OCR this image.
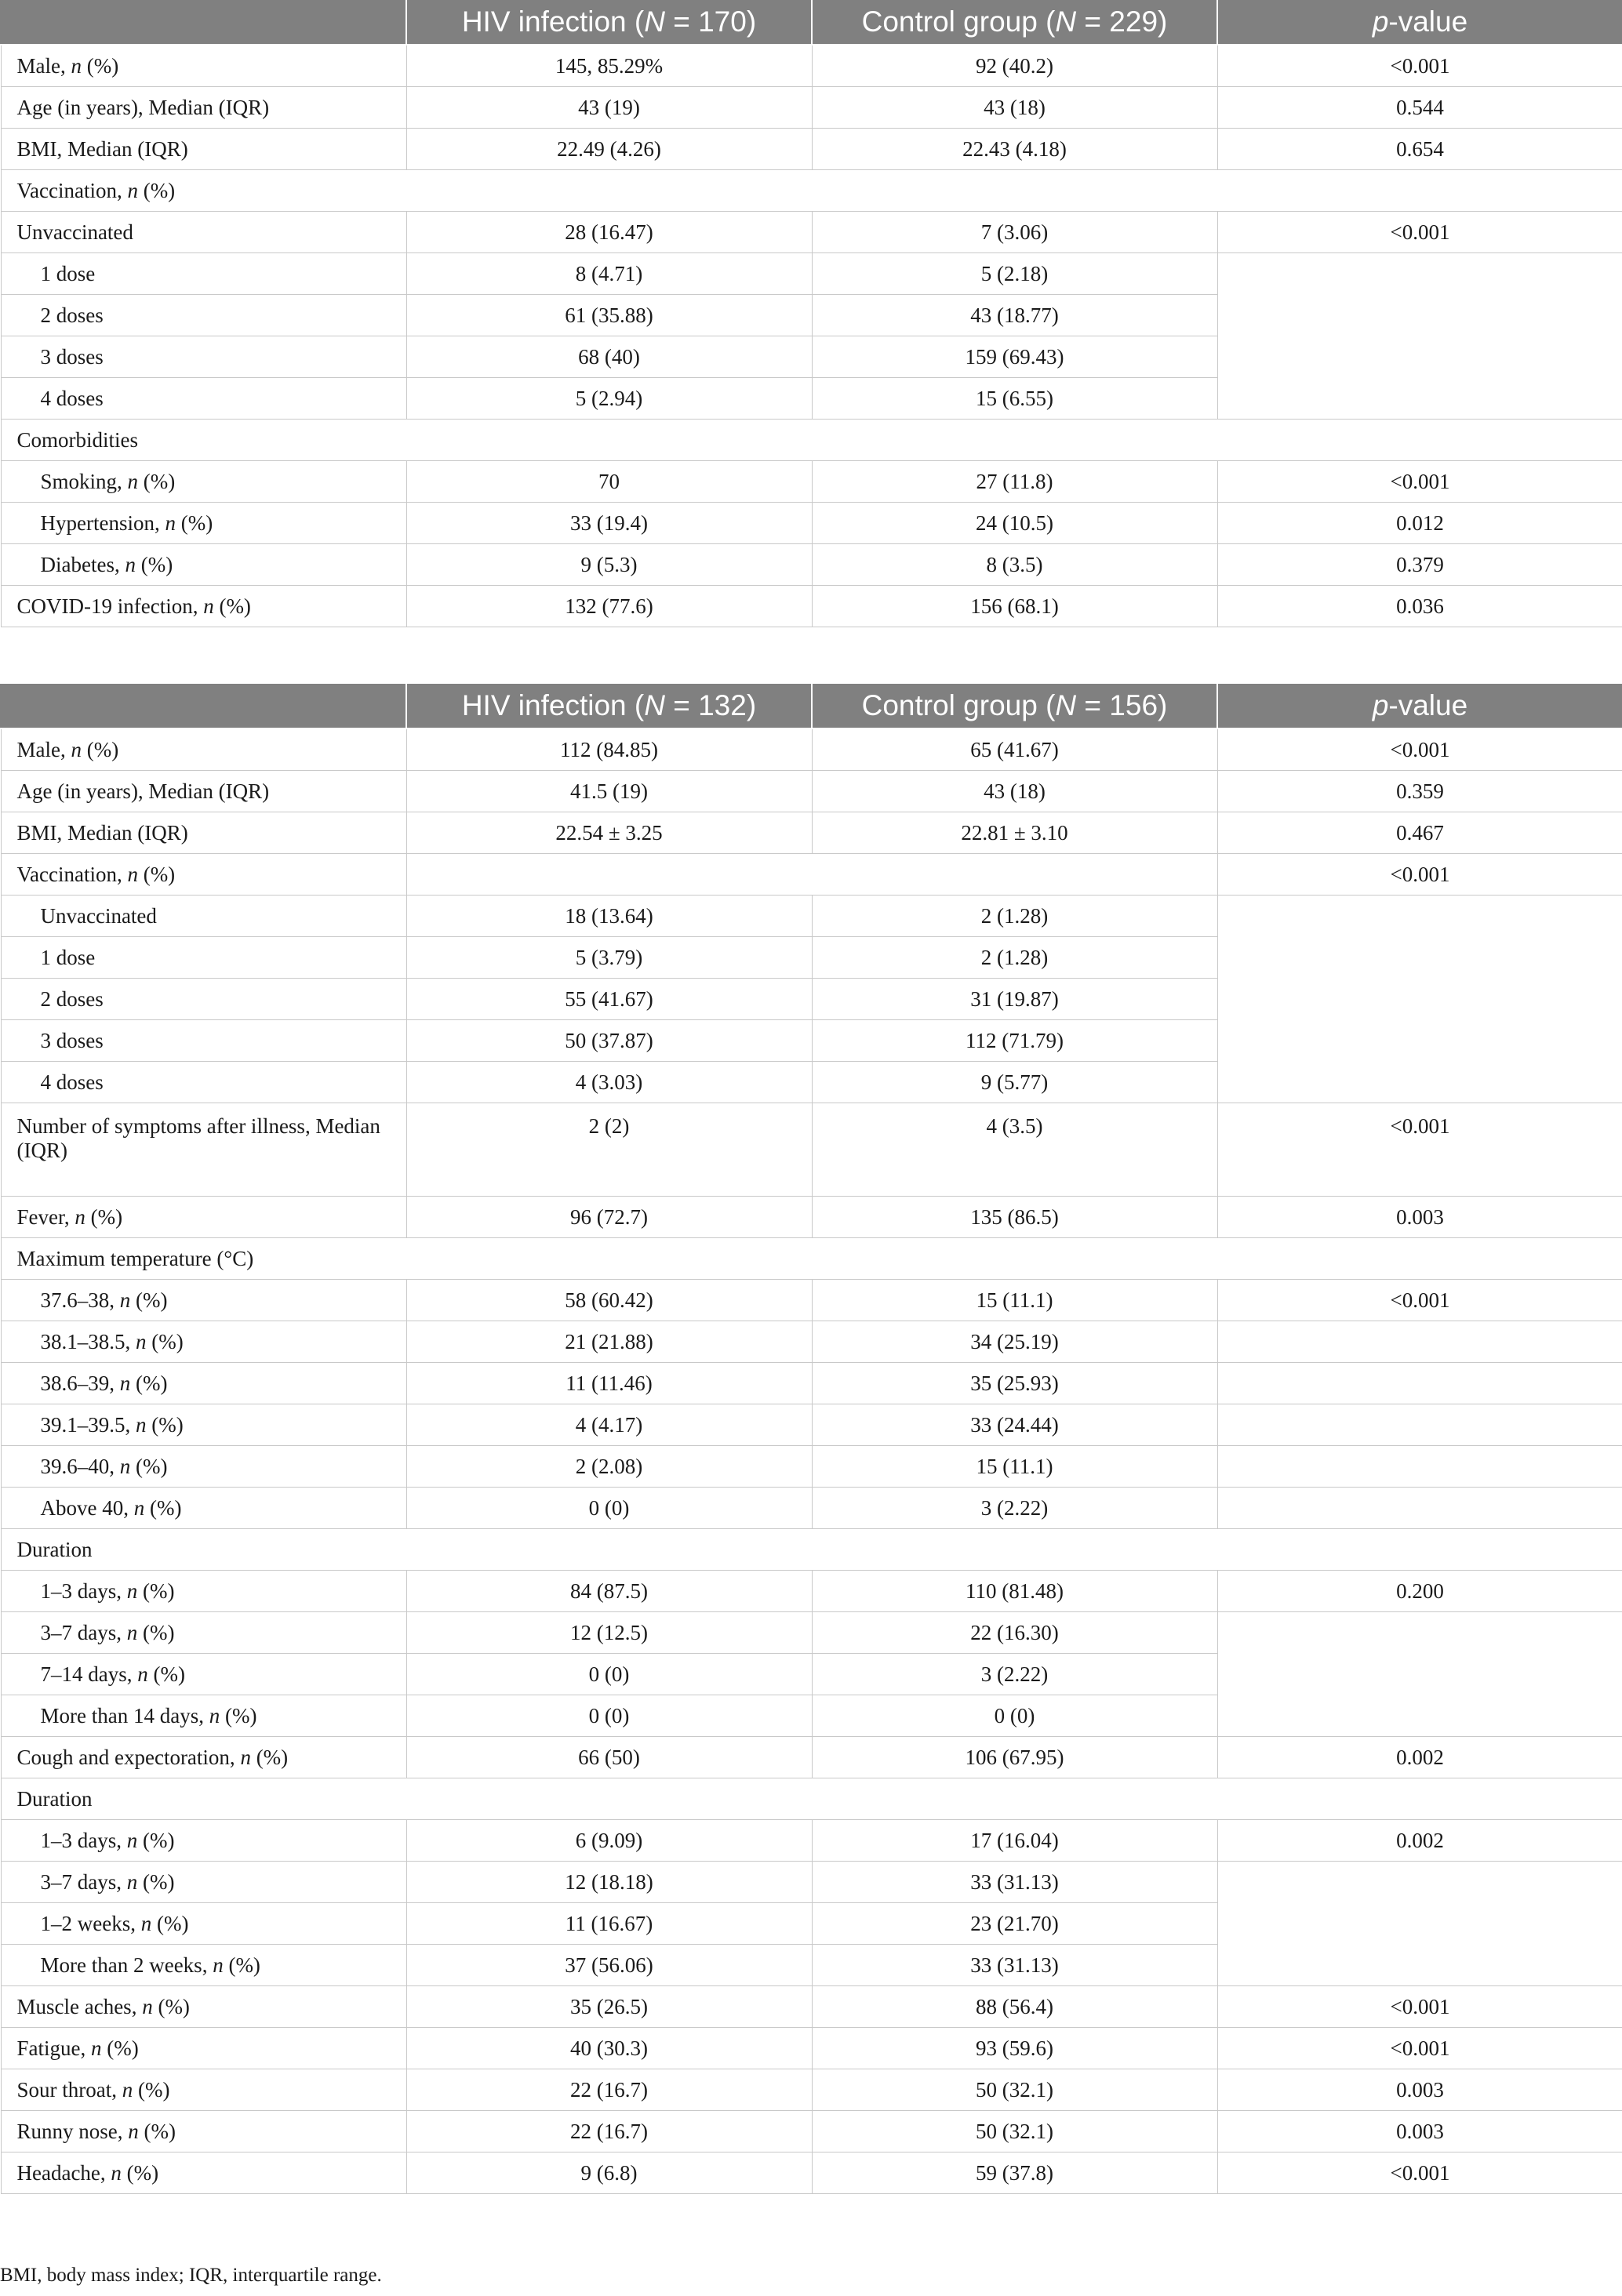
	HIV infection (N = 170)	Control group (N = 229)	p-value
Male, n (%)	145, 85.29%	92 (40.2)	<0.001
Age (in years), Median (IQR)	43 (19)	43 (18)	0.544
BMI, Median (IQR)	22.49 (4.26)	22.43 (4.18)	0.654
Vaccination, n (%)			
Unvaccinated	28 (16.47)	7 (3.06)	<0.001
1 dose	8 (4.71)	5 (2.18)	
2 doses	61 (35.88)	43 (18.77)	
3 doses	68 (40)	159 (69.43)	
4 doses	5 (2.94)	15 (6.55)	
Comorbidities			
Smoking, n (%)	70	27 (11.8)	<0.001
Hypertension, n (%)	33 (19.4)	24 (10.5)	0.012
Diabetes, n (%)	9 (5.3)	8 (3.5)	0.379
COVID-19 infection, n (%)	132 (77.6)	156 (68.1)	0.036
	HIV infection (N = 132)	Control group (N = 156)	p-value
Male, n (%)	112 (84.85)	65 (41.67)	<0.001
Age (in years), Median (IQR)	41.5 (19)	43 (18)	0.359
BMI, Median (IQR)	22.54 ± 3.25	22.81 ± 3.10	0.467
Vaccination, n (%)			<0.001
Unvaccinated	18 (13.64)	2 (1.28)	
1 dose	5 (3.79)	2 (1.28)	
2 doses	55 (41.67)	31 (19.87)	
3 doses	50 (37.87)	112 (71.79)	
4 doses	4 (3.03)	9 (5.77)	
Number of symptoms after illness, Median (IQR)	2 (2)	4 (3.5)	<0.001
Fever, n (%)	96 (72.7)	135 (86.5)	0.003
Maximum temperature (°C)			
37.6–38, n (%)	58 (60.42)	15 (11.1)	<0.001
38.1–38.5, n (%)	21 (21.88)	34 (25.19)	
38.6–39, n (%)	11 (11.46)	35 (25.93)	
39.1–39.5, n (%)	4 (4.17)	33 (24.44)	
39.6–40, n (%)	2 (2.08)	15 (11.1)	
Above 40, n (%)	0 (0)	3 (2.22)	
Duration			
1–3 days, n (%)	84 (87.5)	110 (81.48)	0.200
3–7 days, n (%)	12 (12.5)	22 (16.30)	
7–14 days, n (%)	0 (0)	3 (2.22)	
More than 14 days, n (%)	0 (0)	0 (0)	
Cough and expectoration, n (%)	66 (50)	106 (67.95)	0.002
Duration			
1–3 days, n (%)	6 (9.09)	17 (16.04)	0.002
3–7 days, n (%)	12 (18.18)	33 (31.13)	
1–2 weeks, n (%)	11 (16.67)	23 (21.70)	
More than 2 weeks, n (%)	37 (56.06)	33 (31.13)	
Muscle aches, n (%)	35 (26.5)	88 (56.4)	<0.001
Fatigue, n (%)	40 (30.3)	93 (59.6)	<0.001
Sour throat, n (%)	22 (16.7)	50 (32.1)	0.003
Runny nose, n (%)	22 (16.7)	50 (32.1)	0.003
Headache, n (%)	9 (6.8)	59 (37.8)	<0.001
BMI, body mass index; IQR, interquartile range.
